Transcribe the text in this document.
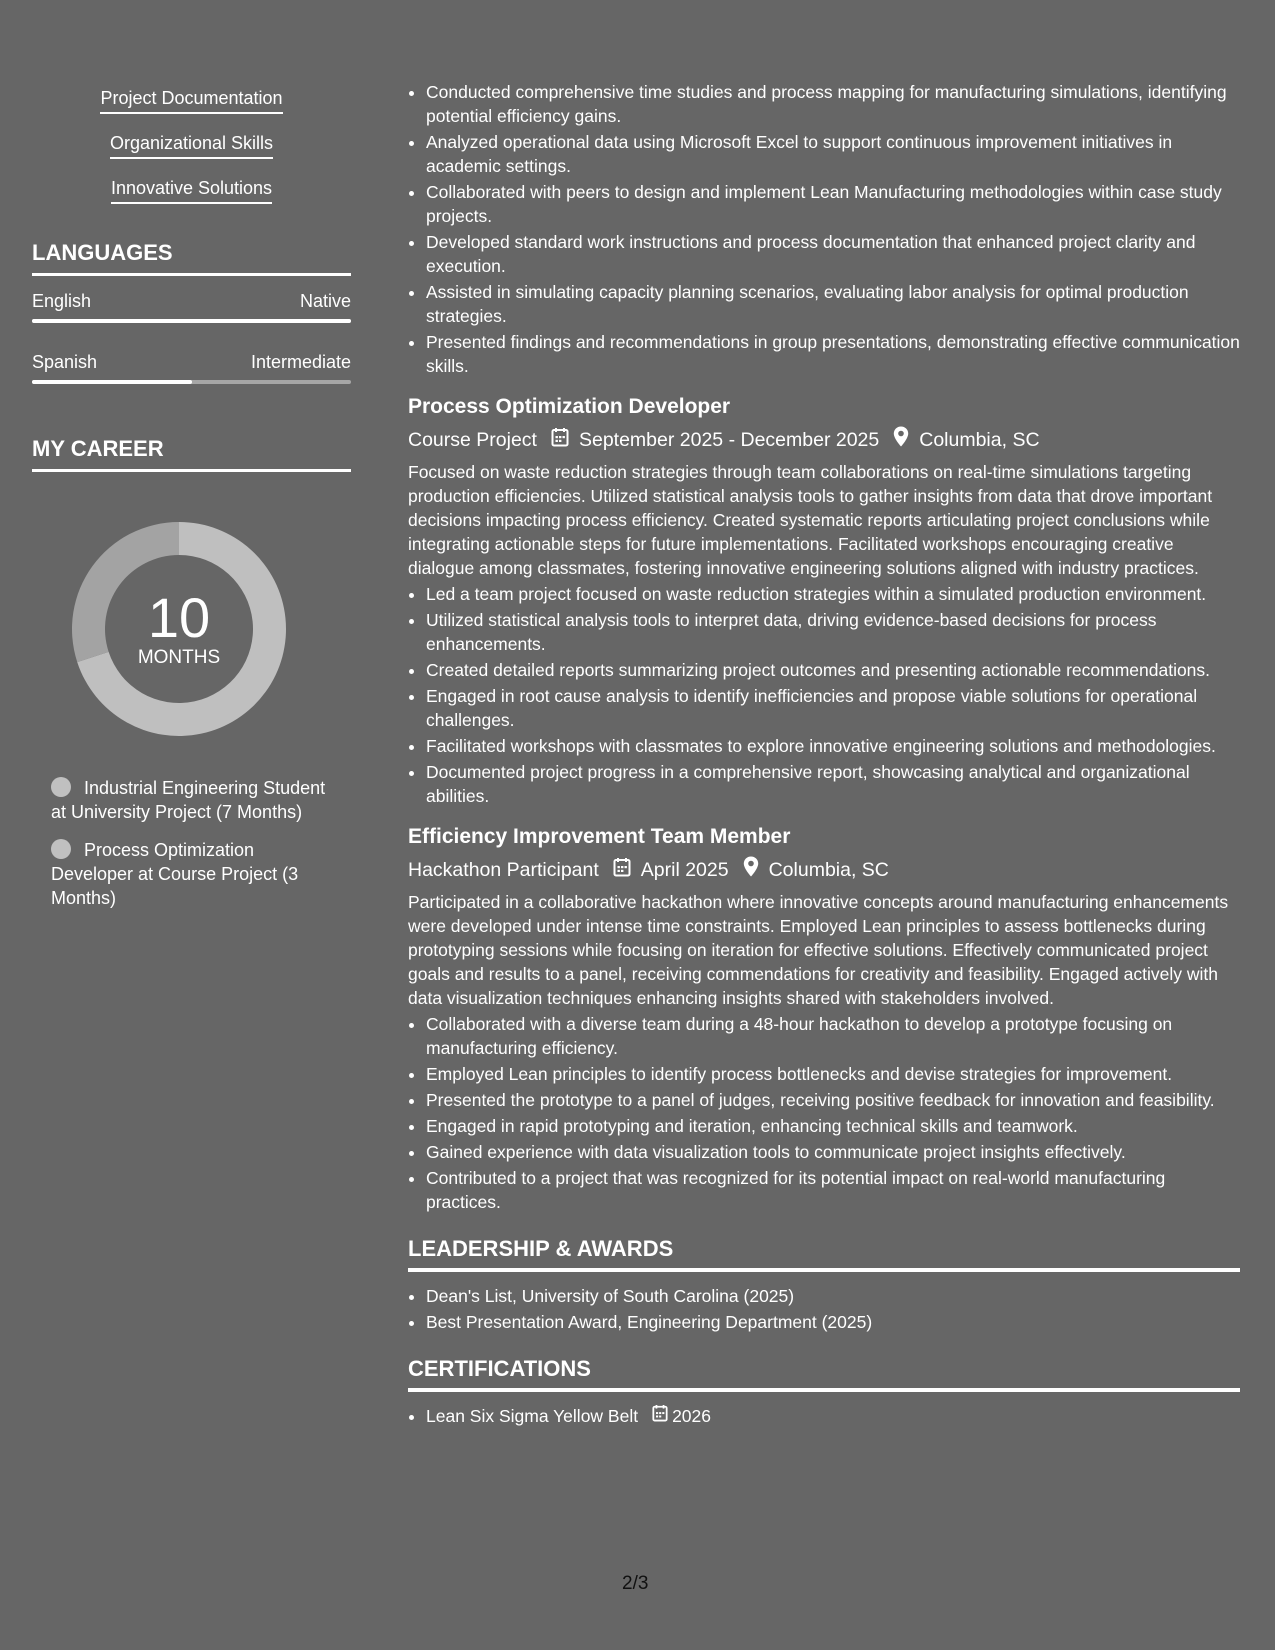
Project Documentation
Organizational Skills
Innovative Solutions
LANGUAGES
English	Native
Spanish	Intermediate
MY CAREER
10
MONTHS
Industrial Engineering Student at University Project (7 Months)
Process Optimization Developer at Course Project (3 Months)
• Conducted comprehensive time studies and process mapping for manufacturing simulations, identifying potential efficiency gains.
• Analyzed operational data using Microsoft Excel to support continuous improvement initiatives in academic settings.
• Collaborated with peers to design and implement Lean Manufacturing methodologies within case study projects.
• Developed standard work instructions and process documentation that enhanced project clarity and execution.
• Assisted in simulating capacity planning scenarios, evaluating labor analysis for optimal production strategies.
• Presented findings and recommendations in group presentations, demonstrating effective communication skills.
Process Optimization Developer
Course Project September 2025 - December 2025 Columbia, SC
Focused on waste reduction strategies through team collaborations on real-time simulations targeting production efficiencies. Utilized statistical analysis tools to gather insights from data that drove important decisions impacting process efficiency. Created systematic reports articulating project conclusions while integrating actionable steps for future implementations. Facilitated workshops encouraging creative dialogue among classmates, fostering innovative engineering solutions aligned with industry practices.
• Led a team project focused on waste reduction strategies within a simulated production environment.
• Utilized statistical analysis tools to interpret data, driving evidence-based decisions for process enhancements.
• Created detailed reports summarizing project outcomes and presenting actionable recommendations.
• Engaged in root cause analysis to identify inefficiencies and propose viable solutions for operational challenges.
• Facilitated workshops with classmates to explore innovative engineering solutions and methodologies.
• Documented project progress in a comprehensive report, showcasing analytical and organizational abilities.
Efficiency Improvement Team Member
Hackathon Participant April 2025 Columbia, SC
Participated in a collaborative hackathon where innovative concepts around manufacturing enhancements were developed under intense time constraints. Employed Lean principles to assess bottlenecks during prototyping sessions while focusing on iteration for effective solutions. Effectively communicated project goals and results to a panel, receiving commendations for creativity and feasibility. Engaged actively with data visualization techniques enhancing insights shared with stakeholders involved.
• Collaborated with a diverse team during a 48-hour hackathon to develop a prototype focusing on manufacturing efficiency.
• Employed Lean principles to identify process bottlenecks and devise strategies for improvement.
• Presented the prototype to a panel of judges, receiving positive feedback for innovation and feasibility.
• Engaged in rapid prototyping and iteration, enhancing technical skills and teamwork.
• Gained experience with data visualization tools to communicate project insights effectively.
• Contributed to a project that was recognized for its potential impact on real-world manufacturing practices.
LEADERSHIP & AWARDS
• Dean's List, University of South Carolina (2025)
• Best Presentation Award, Engineering Department (2025)
CERTIFICATIONS
• Lean Six Sigma Yellow Belt 2026
2/3
